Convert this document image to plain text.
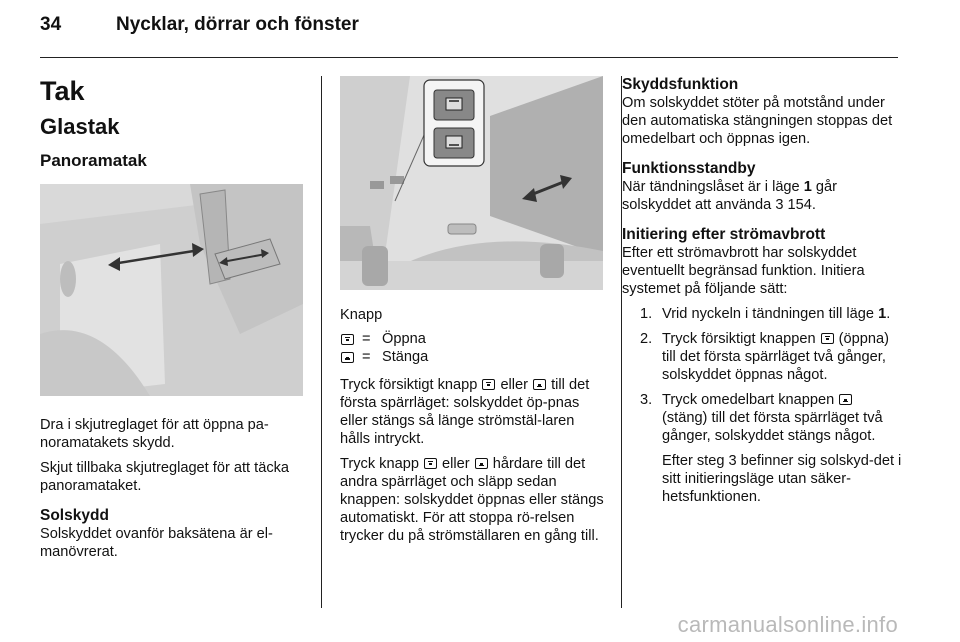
34	Nycklar, dörrar och fönster
Tak
Glastak
Panoramatak
Dra i skjutreglaget för att öppna pa-noramatakets skydd.
Skjut tillbaka skjutreglaget för att täcka panoramataket.
Solskydd
Solskyddet ovanför baksätena är el-manövrerat.
Knapp
= Öppna
= Stänga
Tryck försiktigt knapp  eller  till det första spärrläget: solskyddet öp-pnas eller stängs så länge strömstäl-laren hålls intryckt.
Tryck knapp  eller  hårdare till det andra spärrläget och släpp sedan knappen: solskyddet öppnas eller stängs automatiskt. För att stoppa rö-relsen trycker du på strömställaren en gång till.
Skyddsfunktion
Om solskyddet stöter på motstånd under den automatiska stängningen stoppas det omedelbart och öppnas igen.
Funktionsstandby
När tändningslåset är i läge 1 går solskyddet att använda 3 154.
Initiering efter strömavbrott
Efter ett strömavbrott har solskyddet eventuellt begränsad funktion. Initiera systemet på följande sätt:
1. Vrid nyckeln i tändningen till läge 1.
2. Tryck försiktigt knappen  (öppna) till det första spärrläget två gånger, solskyddet öppnas något.
3. Tryck omedelbart knappen  (stäng) till det första spärrläget två gånger, solskyddet stängs något.
Efter steg 3 befinner sig solskyd-det i sitt initieringsläge utan säker-hetsfunktionen.
carmanualsonline.info
